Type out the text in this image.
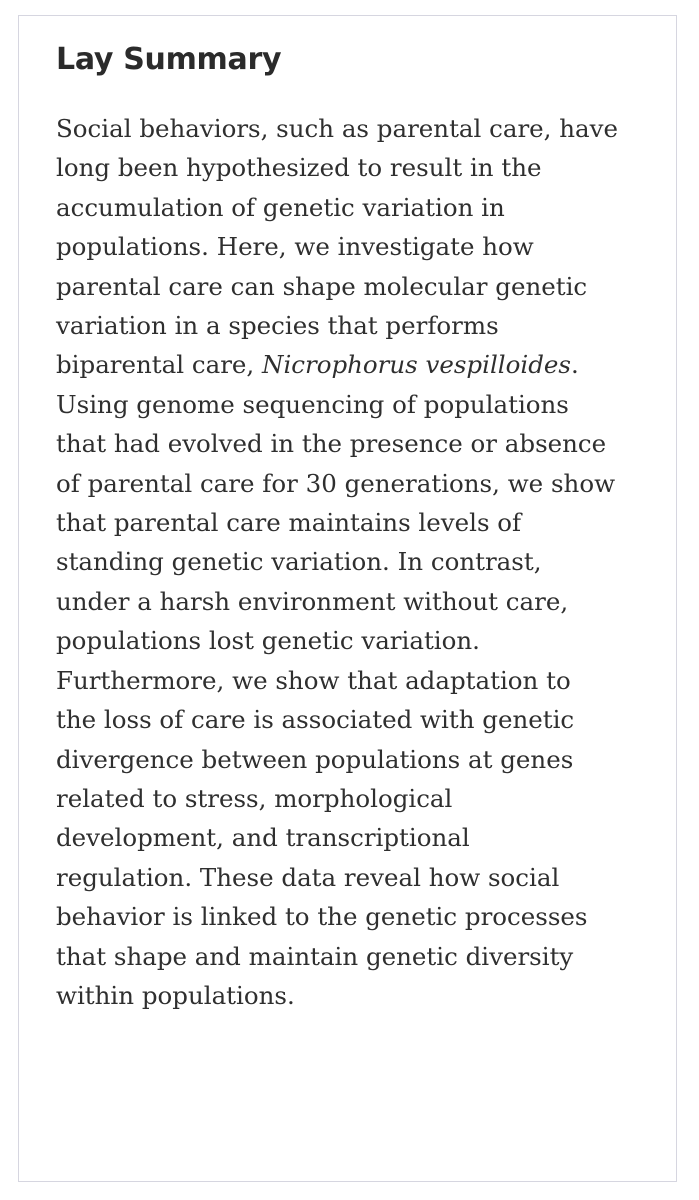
Lay Summary

Social behaviors, such as parental care, have
long been hypothesized to result in the
accumulation of genetic variation in
populations. Here, we investigate how
parental care can shape molecular genetic
variation in a species that performs
biparental care, Nicrophorus vespilloides.
Using genome sequencing of populations
that had evolved in the presence or absence
of parental care for 30 generations, we show
that parental care maintains levels of
standing genetic variation. In contrast,
under a harsh environment without care,
populations lost genetic variation.
Furthermore, we show that adaptation to
the loss of care is associated with genetic
divergence between populations at genes
related to stress, morphological
development, and transcriptional
regulation. These data reveal how social
behavior is linked to the genetic processes
that shape and maintain genetic diversity
within populations.
